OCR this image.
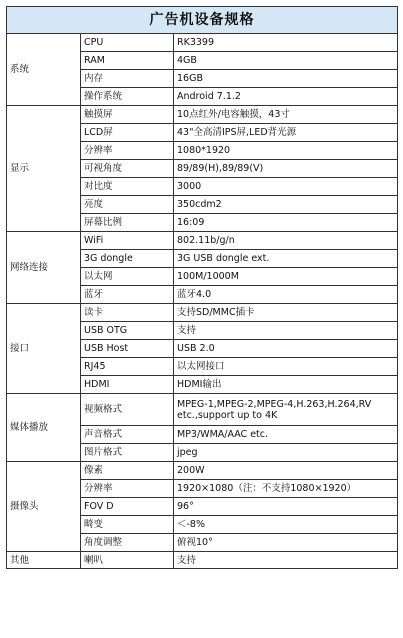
广告机设备规格		
系统	CPU	RK3399
	RAM	4GB
	内存	16GB
	操作系统	Android 7.1.2
显示	触摸屏	10点红外/电容触摸，43寸
	LCD屏	43"全高清IPS屏,LED背光源
	分辨率	1080*1920
	可视角度	89/89(H),89/89(V)
	对比度	3000
	亮度	350cdm2
	屏幕比例	16:09
网络连接	WiFi	802.11b/g/n
	3G dongle	3G USB dongle ext.
	以太网	100M/1000M
	蓝牙	蓝牙4.0
接口	读卡	支持SD/MMC插卡
	USB OTG	支持
	USB Host	USB 2.0
	RJ45	以太网接口
	HDMI	HDMI输出
媒体播放	视频格式	MPEG-1,MPEG-2,MPEG-4,H.263,H.264,RV etc.,support up to 4K
	声音格式	MP3/WMA/AAC etc.
	图片格式	jpeg
摄像头	像素	200W
	分辨率	1920×1080（注：不支持1080×1920）
	FOV D	96°
	畸变	＜-8%
	角度调整	俯视10°
其他	喇叭	支持
